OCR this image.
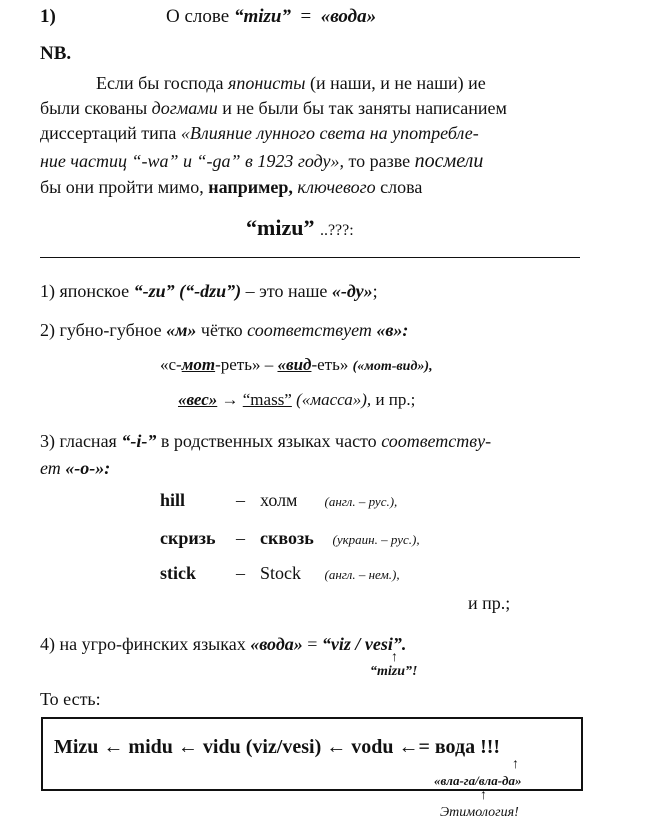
1)	О слове “mizu” = «вода»
NB.
Если бы господа японисты (и наши, и не наши) ие
были скованы догмами и не были бы так заняты написанием
диссертаций типа «Влияние лунного света на употребле-
ние частиц “-wa” и “-ga” в 1923 году», то разве посмели
бы они пройти мимо, например, ключевого слова
“mizu” ..???:
1) японское “-zu” (“-dzu”) – это наше «-ду»;
2) губно-губное «м» чётко соответствует «в»:
«с-мот-реть» – «вид-еть» («мот-вид»),
«вес» → “mass” («масса»), и пр.;
3) гласная “-i-” в родственных языках часто соответству-
ет «-о-»:
hill	– холм (англ. – рус.),
скризь – сквозь (украин. – рус.),
stick – Stock (англ. – нем.),
и пр.;
4) на угро-финских языках «вода» = “viz / vesi”.
↑
“mizu”!
То есть:
Mizu ← midu ← vidu (viz/vesi) ← vodu ←= вода !!!
↑
«вла-га/вла-да»
↑
Этимология!
